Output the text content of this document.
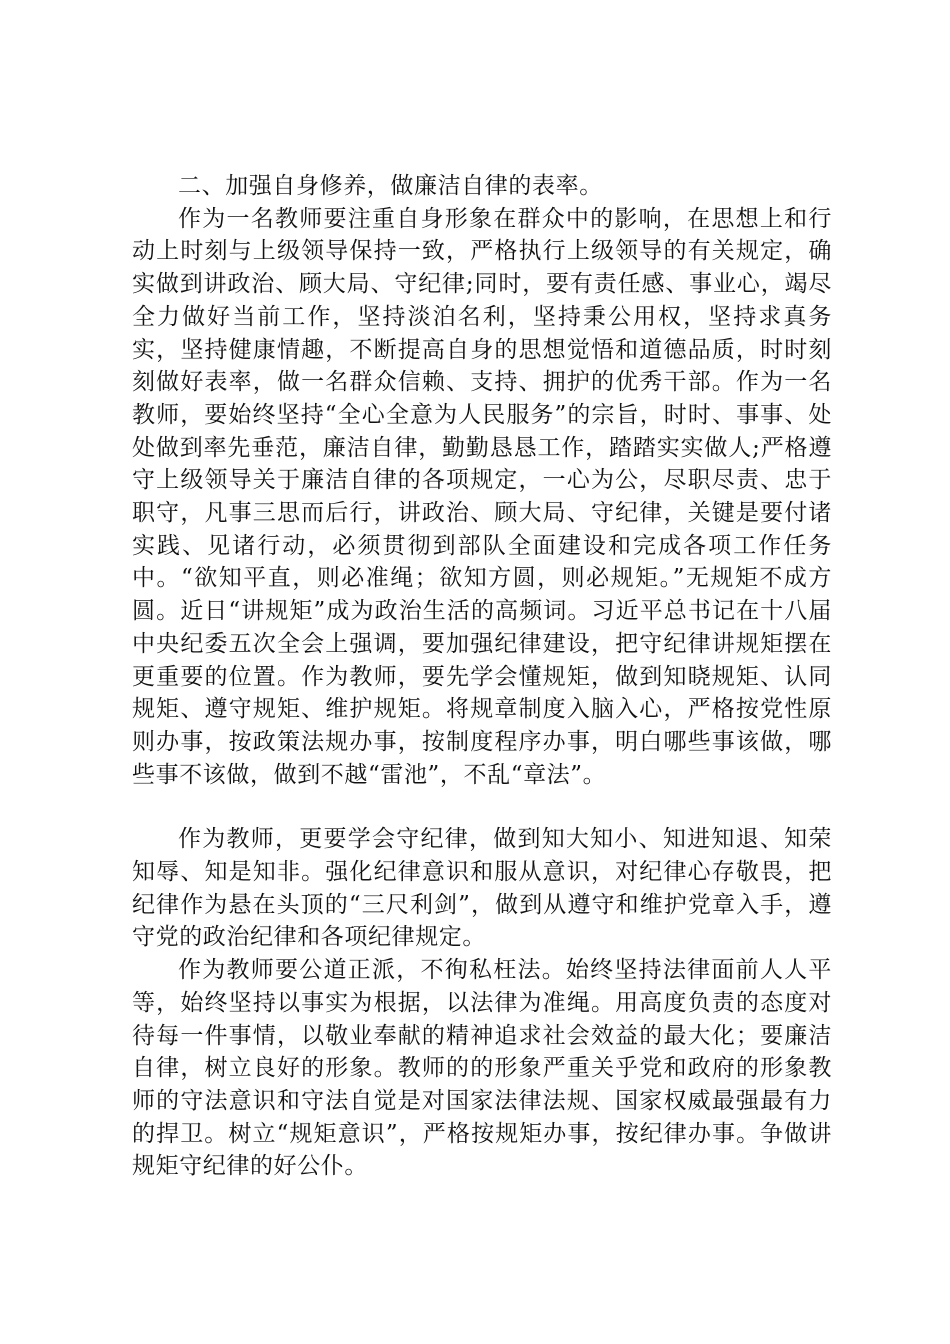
二、加强自身修养，做廉洁自律的表率。

作为一名教师要注重自身形象在群众中的影响，在思想上和行动上时刻与上级领导保持一致，严格执行上级领导的有关规定，确实做到讲政治、顾大局、守纪律;同时，要有责任感、事业心，竭尽全力做好当前工作，坚持淡泊名利，坚持秉公用权，坚持求真务实，坚持健康情趣，不断提高自身的思想觉悟和道德品质，时时刻刻做好表率，做一名群众信赖、支持、拥护的优秀干部。作为一名教师，要始终坚持“全心全意为人民服务”的宗旨，时时、事事、处处做到率先垂范，廉洁自律，勤勤恳恳工作，踏踏实实做人;严格遵守上级领导关于廉洁自律的各项规定，一心为公，尽职尽责、忠于职守，凡事三思而后行，讲政治、顾大局、守纪律，关键是要付诸实践、见诸行动，必须贯彻到部队全面建设和完成各项工作任务中。“欲知平直，则必准绳；欲知方圆，则必规矩。”无规矩不成方圆。近日“讲规矩”成为政治生活的高频词。习近平总书记在十八届中央纪委五次全会上强调，要加强纪律建设，把守纪律讲规矩摆在更重要的位置。作为教师，要先学会懂规矩，做到知晓规矩、认同规矩、遵守规矩、维护规矩。将规章制度入脑入心，严格按党性原则办事，按政策法规办事，按制度程序办事，明白哪些事该做，哪些事不该做，做到不越“雷池”，不乱“章法”。

作为教师，更要学会守纪律，做到知大知小、知进知退、知荣知辱、知是知非。强化纪律意识和服从意识，对纪律心存敬畏，把纪律作为悬在头顶的“三尺利剑”，做到从遵守和维护党章入手，遵守党的政治纪律和各项纪律规定。

作为教师要公道正派，不徇私枉法。始终坚持法律面前人人平等，始终坚持以事实为根据，以法律为准绳。用高度负责的态度对待每一件事情，以敬业奉献的精神追求社会效益的最大化；要廉洁自律，树立良好的形象。教师的的形象严重关乎党和政府的形象教师的守法意识和守法自觉是对国家法律法规、国家权威最强最有力的捍卫。树立“规矩意识”，严格按规矩办事，按纪律办事。争做讲规矩守纪律的好公仆。
